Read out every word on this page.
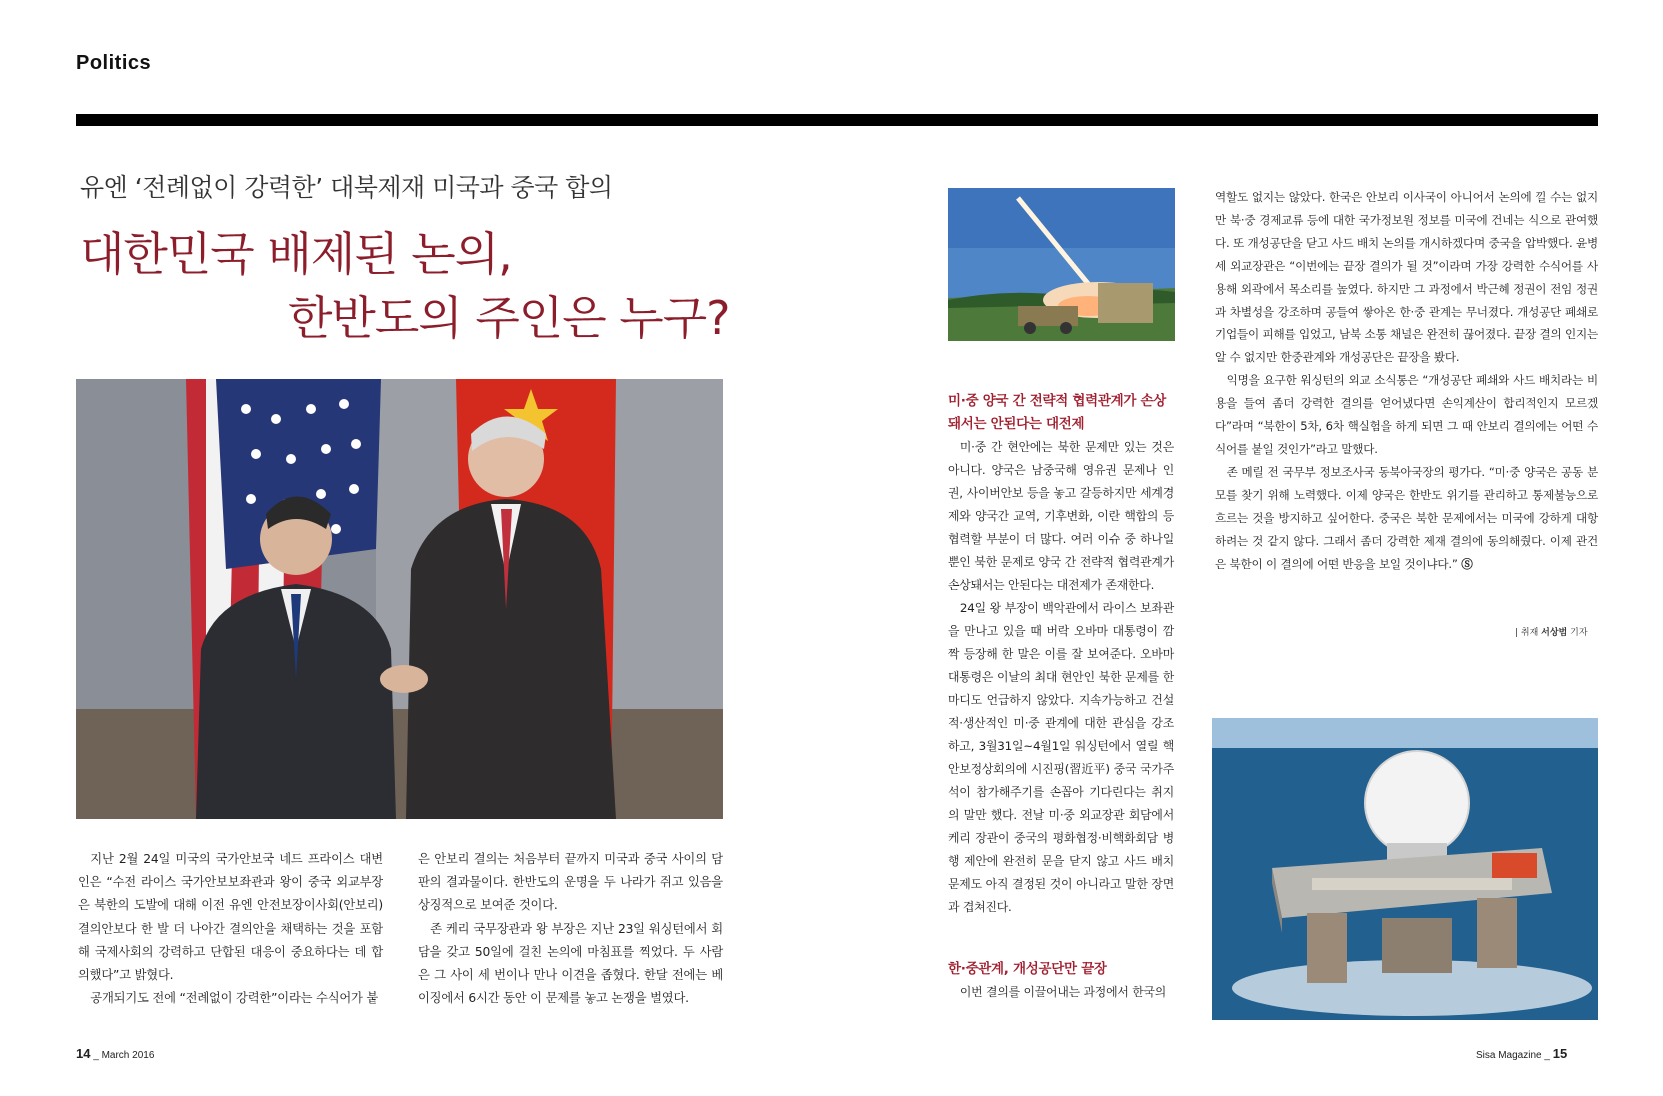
Politics
유엔 ‘전례없이 강력한’ 대북제재 미국과 중국 합의
대한민국 배제된 논의,
한반도의 주인은 누구?

지난 2월 24일 미국의 국가안보국 네드 프라이스 대변인은 “수전 라이스 국가안보보좌관과 왕이 중국 외교부장은 북한의 도발에 대해 이전 유엔 안전보장이사회(안보리)결의안보다 한 발 더 나아간 결의안을 채택하는 것을 포함해 국제사회의 강력하고 단합된 대응이 중요하다는 데 합의했다”고 밝혔다.

공개되기도 전에 “전례없이 강력한”이라는 수식어가 붙

은 안보리 결의는 처음부터 끝까지 미국과 중국 사이의 담판의 결과물이다. 한반도의 운명을 두 나라가 쥐고 있음을 상징적으로 보여준 것이다.

존 케리 국무장관과 왕 부장은 지난 23일 워싱턴에서 회담을 갖고 50일에 걸친 논의에 마침표를 찍었다. 두 사람은 그 사이 세 번이나 만나 이견을 좁혔다. 한달 전에는 베이징에서 6시간 동안 이 문제를 놓고 논쟁을 벌였다.

미·중 양국 간 전략적 협력관계가 손상돼서는 안된다는 대전제

미·중 간 현안에는 북한 문제만 있는 것은 아니다. 양국은 남중국해 영유권 문제나 인권, 사이버안보 등을 놓고 갈등하지만 세계경제와 양국간 교역, 기후변화, 이란 핵합의 등 협력할 부분이 더 많다. 여러 이슈 중 하나일뿐인 북한 문제로 양국 간 전략적 협력관계가 손상돼서는 안된다는 대전제가 존재한다.

24일 왕 부장이 백악관에서 라이스 보좌관을 만나고 있을 때 버락 오바마 대통령이 깜짝 등장해 한 말은 이를 잘 보여준다. 오바마 대통령은 이날의 최대 현안인 북한 문제를 한마디도 언급하지 않았다. 지속가능하고 건설적·생산적인 미·중 관계에 대한 관심을 강조하고, 3월31일~4월1일 워싱턴에서 열릴 핵안보정상회의에 시진핑(習近平) 중국 국가주석이 참가해주기를 손꼽아 기다린다는 취지의 말만 했다. 전날 미·중 외교장관 회담에서 케리 장관이 중국의 평화협정·비핵화회담 병행 제안에 완전히 문을 닫지 않고 사드 배치 문제도 아직 결정된 것이 아니라고 말한 장면과 겹쳐진다.

한·중관계, 개성공단만 끝장

이번 결의를 이끌어내는 과정에서 한국의

역할도 없지는 않았다. 한국은 안보리 이사국이 아니어서 논의에 낄 수는 없지만 북·중 경제교류 등에 대한 국가정보원 정보를 미국에 건네는 식으로 관여했다. 또 개성공단을 닫고 사드 배치 논의를 개시하겠다며 중국을 압박했다. 윤병세 외교장관은 “이번에는 끝장 결의가 될 것”이라며 가장 강력한 수식어를 사용해 외곽에서 목소리를 높였다. 하지만 그 과정에서 박근혜 정권이 전임 정권과 차별성을 강조하며 공들여 쌓아온 한·중 관계는 무너졌다. 개성공단 폐쇄로 기업들이 피해를 입었고, 남북 소통 채널은 완전히 끊어졌다. 끝장 결의 인지는 알 수 없지만 한중관계와 개성공단은 끝장을 봤다.

익명을 요구한 워싱턴의 외교 소식통은 “개성공단 폐쇄와 사드 배치라는 비용을 들여 좀더 강력한 결의를 얻어냈다면 손익계산이 합리적인지 모르겠다”라며 “북한이 5차, 6차 핵실험을 하게 되면 그 때 안보리 결의에는 어떤 수식어를 붙일 것인가”라고 말했다.

존 메릴 전 국무부 정보조사국 동북아국장의 평가다. “미·중 양국은 공동 분모를 찾기 위해 노력했다. 이제 양국은 한반도 위기를 관리하고 통제불능으로 흐르는 것을 방지하고 싶어한다. 중국은 북한 문제에서는 미국에 강하게 대항하려는 것 같지 않다. 그래서 좀더 강력한 제재 결의에 동의해줬다. 이제 관건은 북한이 이 결의에 어떤 반응을 보일 것이냐다.” Ⓢ

| 취재 서상범 기자
14 _ March 2016	Sisa Magazine _ 15
